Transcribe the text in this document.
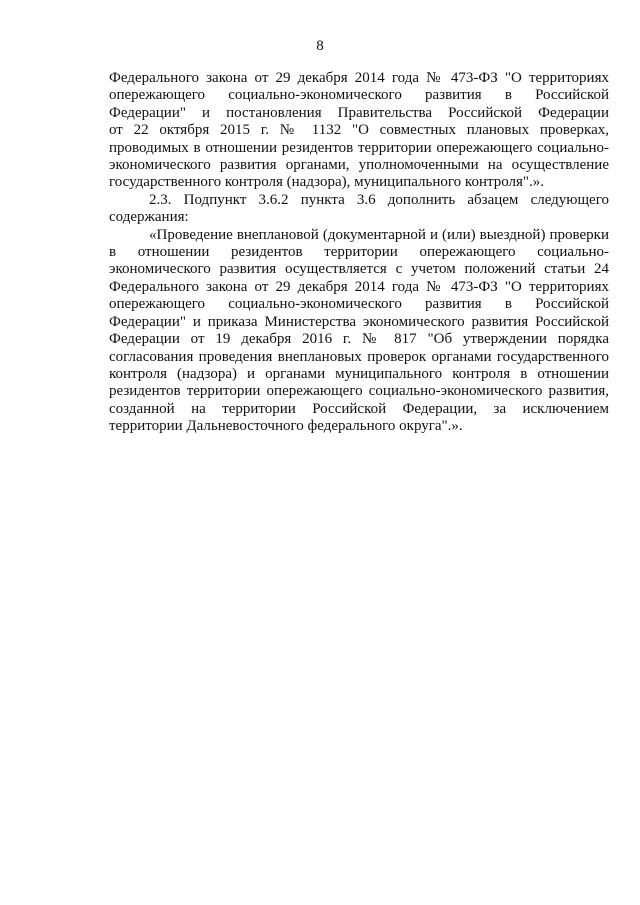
8

Федерального закона от 29 декабря 2014 года № 473-ФЗ "О территориях
опережающего социально-экономического развития в Российской
Федерации" и постановления Правительства Российской Федерации
от 22 октября 2015 г. № 1132 "О совместных плановых проверках,
проводимых в отношении резидентов территории опережающего социально-
экономического развития органами, уполномоченными на осуществление
государственного контроля (надзора), муниципального контроля".».

2.3. Подпункт 3.6.2 пункта 3.6 дополнить абзацем следующего
содержания:

«Проведение внеплановой (документарной и (или) выездной) проверки
в отношении резидентов территории опережающего социально-
экономического развития осуществляется с учетом положений статьи 24
Федерального закона от 29 декабря 2014 года № 473-ФЗ "О территориях
опережающего социально-экономического развития в Российской
Федерации" и приказа Министерства экономического развития Российской
Федерации от 19 декабря 2016 г. № 817 "Об утверждении порядка
согласования проведения внеплановых проверок органами государственного
контроля (надзора) и органами муниципального контроля в отношении
резидентов территории опережающего социально-экономического развития,
созданной на территории Российской Федерации, за исключением
территории Дальневосточного федерального округа".».
